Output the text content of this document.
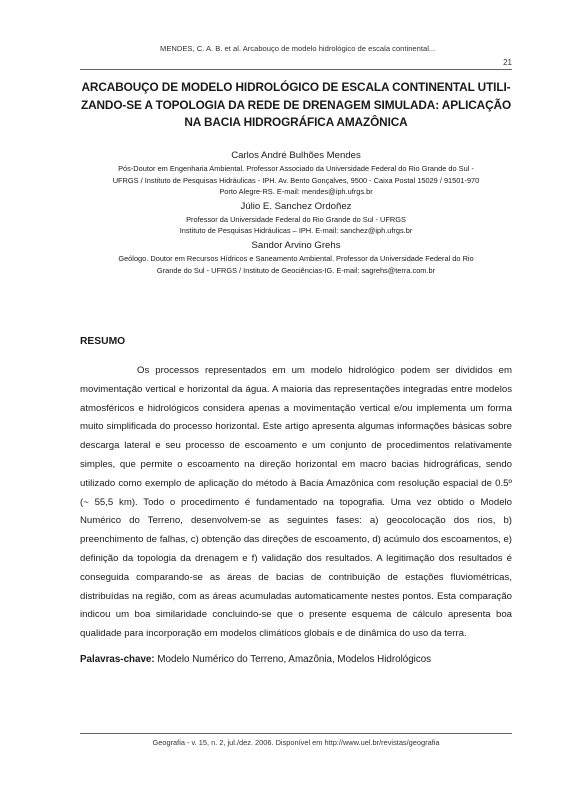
MENDES, C. A. B. et al. Arcabouço de modelo hidrológico de escala continental...
21
ARCABOUÇO DE MODELO HIDROLÓGICO DE ESCALA CONTINENTAL UTILI-
ZANDO-SE A TOPOLOGIA DA REDE DE DRENAGEM SIMULADA: APLICAÇÃO
NA BACIA HIDROGRÁFICA AMAZÔNICA
Carlos André Bulhões Mendes
Pós-Doutor em Engenharia Ambiental. Professor Associado da Universidade Federal do Rio Grande do Sul -
UFRGS / Instituto de Pesquisas Hidráulicas - IPH. Av. Bento Gonçalves, 9500 - Caixa Postal 15029 / 91501-970
Porto Alegre-RS. E-mail: mendes@iph.ufrgs.br
Júlio E. Sanchez Ordoñez
Professor da Universidade Federal do Rio Grande do Sul - UFRGS
Instituto de Pesquisas Hidráulicas – IPH. E-mail: sanchez@iph.ufrgs.br
Sandor Arvino Grehs
Geólogo. Doutor em Recursos Hídricos e Saneamento Ambiental. Professor da Universidade Federal do Rio
Grande do Sul - UFRGS / Instituto de Geociências-IG. E-mail: sagrehs@terra.com.br
RESUMO

Os processos representados em um modelo hidrológico podem ser divididos em movimentação vertical e horizontal da água. A maioria das representações integradas entre modelos atmosféricos e hidrológicos considera apenas a movimentação vertical e/ou implementa um forma muito simplificada do processo horizontal. Este artigo apresenta algumas informações básicas sobre descarga lateral e seu processo de escoamento e um conjunto de procedimentos relativamente simples, que permite o escoamento na direção horizontal em macro bacias hidrográficas, sendo utilizado como exemplo de aplicação do método à Bacia Amazônica com resolução espacial de 0.5º (~ 55,5 km). Todo o procedimento é fundamentado na topografia. Uma vez obtido o Modelo Numérico do Terreno, desenvolvem-se as seguintes fases: a) geocolocação dos rios, b) preenchimento de falhas, c) obtenção das direções de escoamento, d) acúmulo dos escoamentos, e) definição da topologia da drenagem e f) validação dos resultados. A legitimação dos resultados é conseguida comparando-se as áreas de bacias de contribuição de estações fluviométricas, distribuídas na região, com as áreas acumuladas automaticamente nestes pontos. Esta comparação indicou um boa similaridade concluindo-se que o presente esquema de cálculo apresenta boa qualidade para incorporação em modelos climáticos globais e de dinâmica do uso da terra.

Palavras-chave: Modelo Numérico do Terreno, Amazônia, Modelos Hidrológicos
Geografia - v. 15, n. 2, jul./dez. 2006. Disponível em http://www.uel.br/revistas/geografia
